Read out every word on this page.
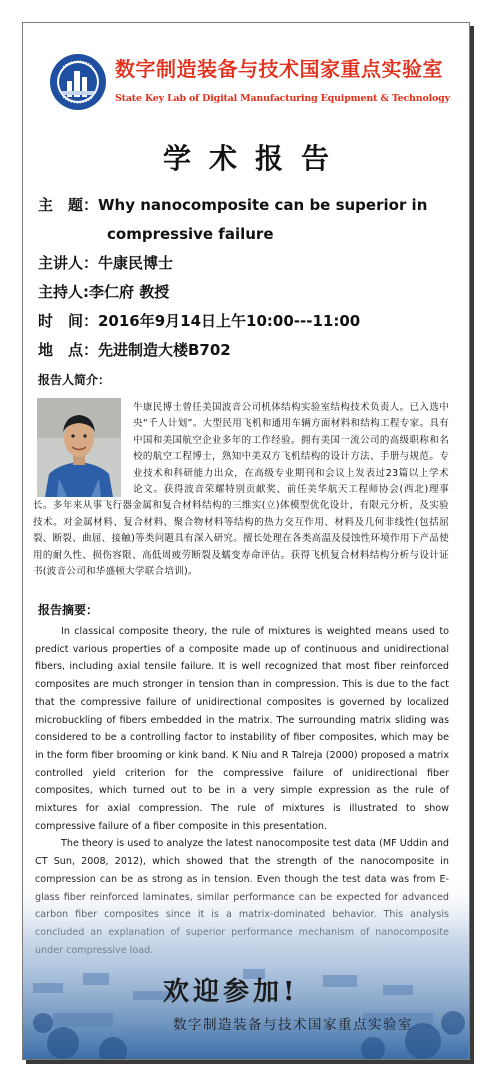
数字制造装备与技术国家重点实验室
State Key Lab of Digital Manufacturing Equipment & Technology
学术报告
主　题：Why nanocomposite can be superior in
compressive failure
主讲人：牛康民博士
主持人:李仁府 教授
时　间：2016年9月14日上午10:00---11:00
地　点：先进制造大楼B702
报告人简介：
牛康民博士曾任美国波音公司机体结构实验室结构技术负责人。已入选中央“千人计划”。大型民用飞机和通用车辆方面材料和结构工程专家。具有中国和美国航空企业多年的工作经验。拥有美国一流公司的高级职称和名校的航空工程博士，熟知中美双方飞机结构的设计方法、手册与规范。专业技术和科研能力出众，在高级专业期刊和会议上发表过23篇以上学术论文。获得波音荣耀特别贡献奖、前任美华航天工程师协会(西北)理事长。多年来从事飞行器金属和复合材料结构的三维实(立)体模型优化设计，有限元分析，及实验技术。对金属材料、复合材料、聚合物材料等结构的热力交互作用、材料及几何非线性(包括屈裂、断裂、曲屈、接触)等类问题具有深入研究。擅长处理在各类高温及侵蚀性环境作用下产品使用的耐久性、损伤容限、高低周疲劳断裂及蠕变寿命评估。获得飞机复合材料结构分析与设计证书(波音公司和华盛顿大学联合培训)。
报告摘要：

In classical composite theory, the rule of mixtures is weighted means used to predict various properties of a composite made up of continuous and unidirectional fibers, including axial tensile failure. It is well recognized that most fiber reinforced composites are much stronger in tension than in compression. This is due to the fact that the compressive failure of unidirectional composites is governed by localized microbuckling of fibers embedded in the matrix. The surrounding matrix sliding was considered to be a controlling factor to instability of fiber composites, which may be in the form fiber brooming or kink band. K Niu and R Talreja (2000) proposed a matrix controlled yield criterion for the compressive failure of unidirectional fiber composites, which turned out to be in a very simple expression as the rule of mixtures for axial compression. The rule of mixtures is illustrated to show compressive failure of a fiber composite in this presentation.

The theory is used to analyze the latest nanocomposite test data (MF Uddin and CT Sun, 2008, 2012), which showed that the strength of the nanocomposite in

欢迎参加!
数字制造装备与技术国家重点实验室
